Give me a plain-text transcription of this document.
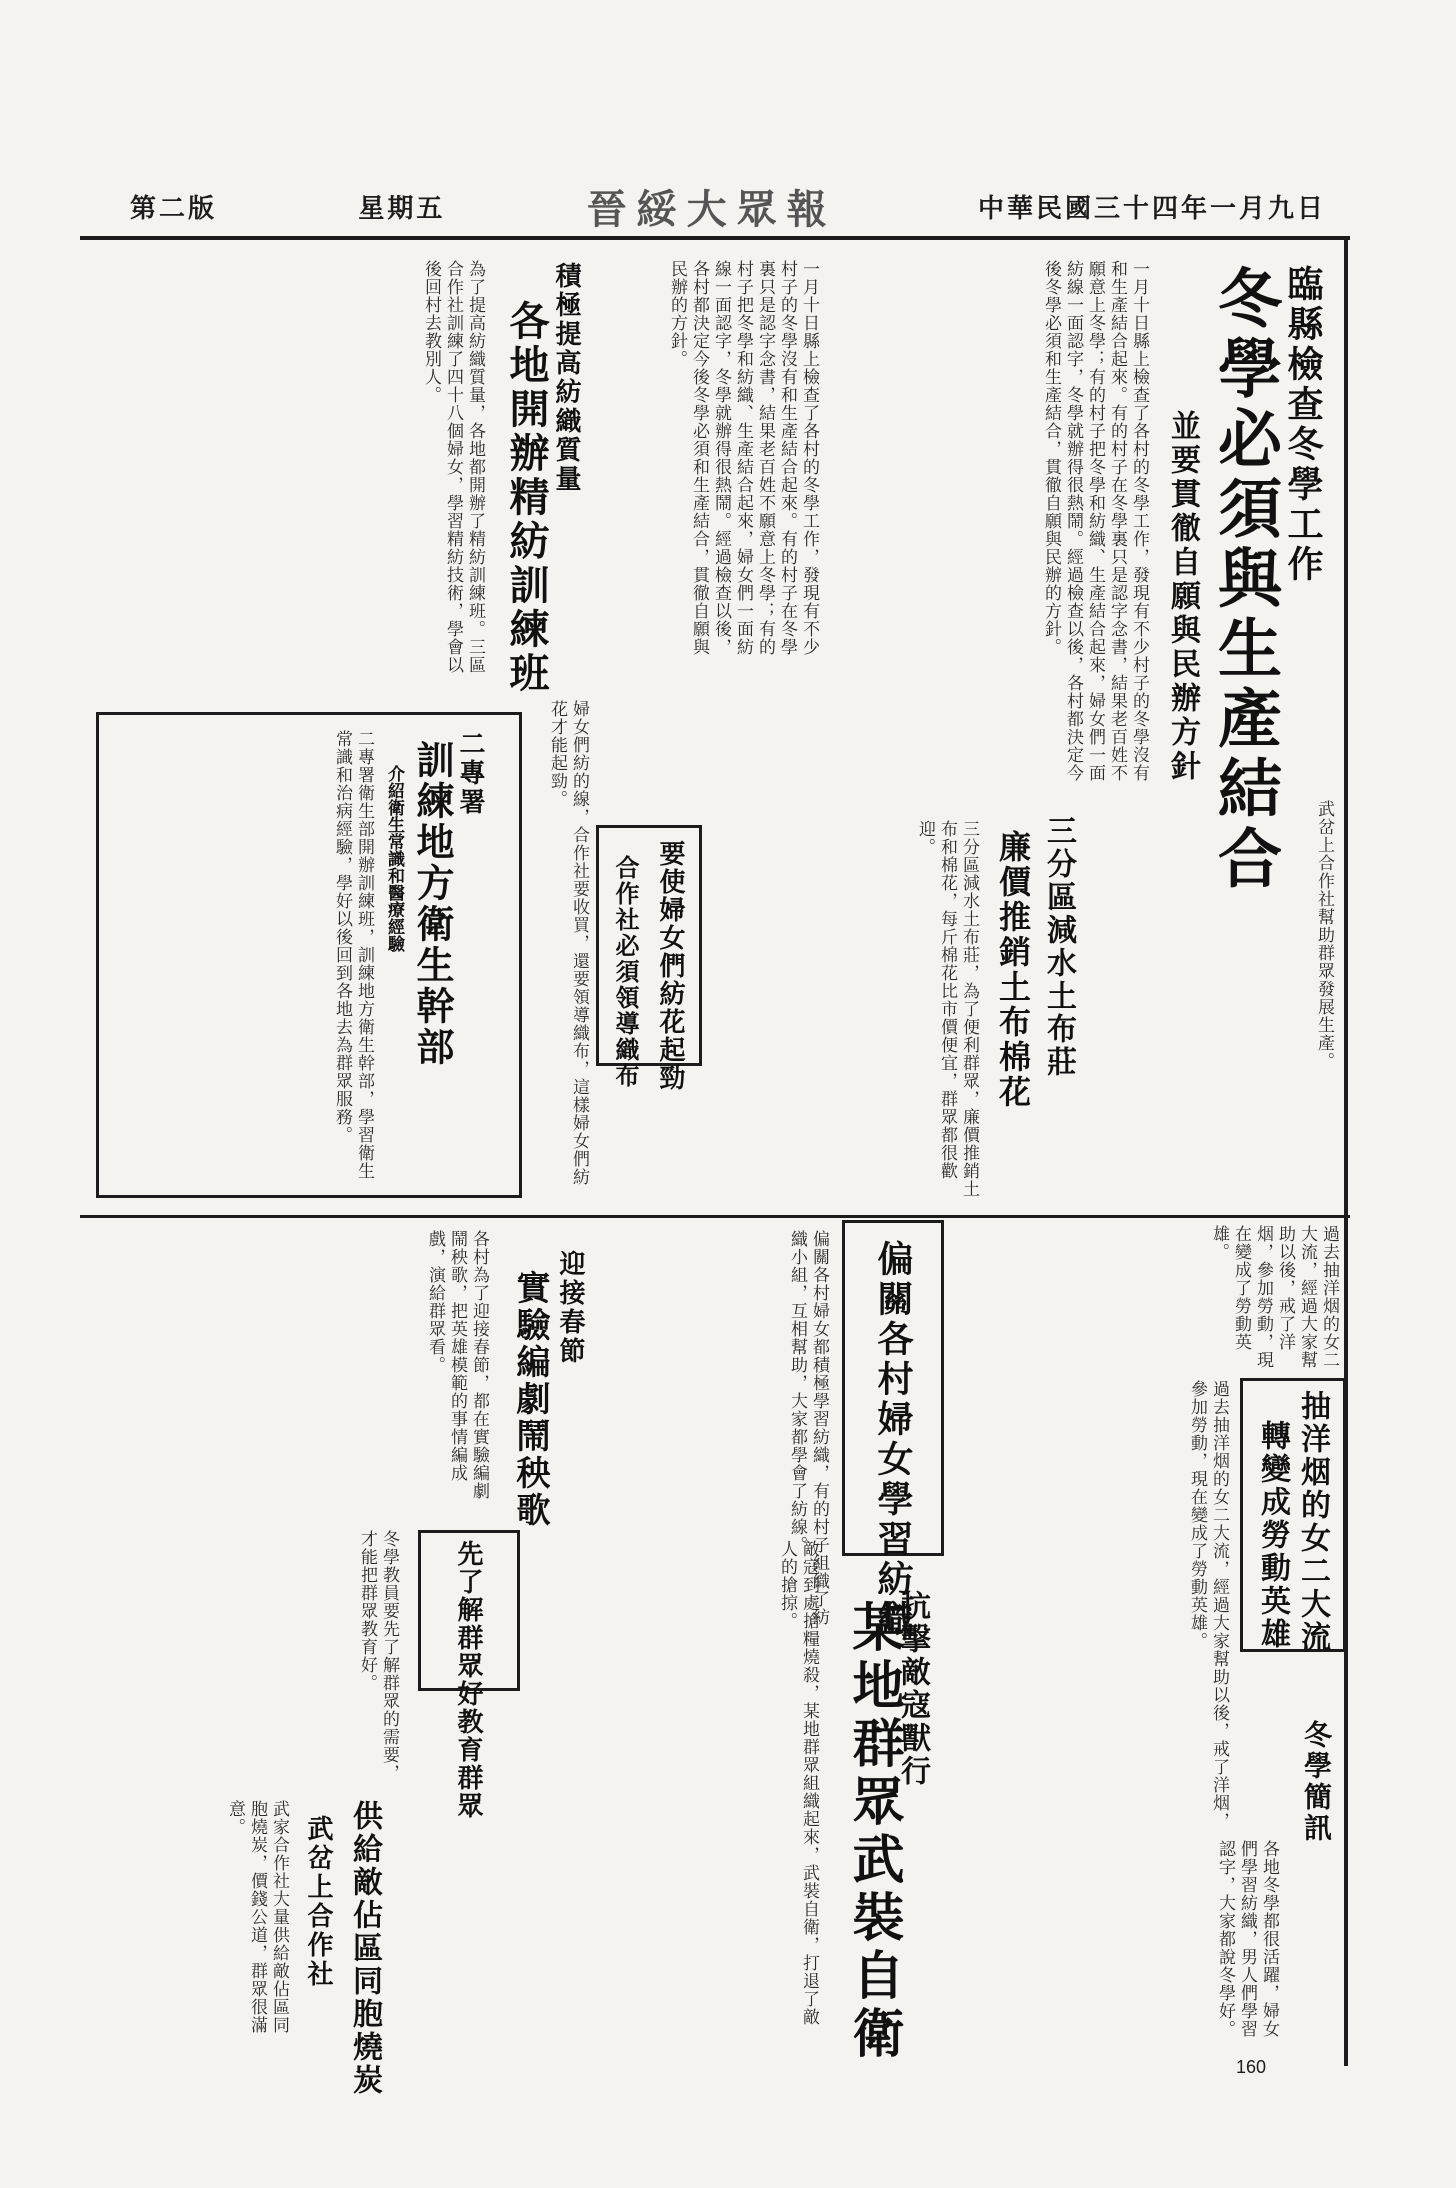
第二版	星期五	晉綏大眾報	中華民國三十四年一月九日
臨縣檢查冬學工作
冬學必須與生產結合
並要貫徹自願與民辦方針
一月十日縣上檢查了各村的冬學工作，發現有不少村子的冬學沒有和生產結合起來。有的村子在冬學裏只是認字念書，結果老百姓不願意上冬學；有的村子把冬學和紡織、生產結合起來，婦女們一面紡線一面認字，冬學就辦得很熱鬧。經過檢查以後，各村都決定今後冬學必須和生產結合，貫徹自願與民辦的方針。
積極提高紡織質量
各地開辦精紡訓練班
為了提高紡織質量，各地都開辦了精紡訓練班。三區合作社訓練了四十八個婦女，學習精紡技術，學會以後回村去教別人。	一月十日縣上檢查了各村的冬學工作，發現有不少村子的冬學沒有和生產結合起來。有的村子在冬學裏只是認字念書，結果老百姓不願意上冬學；有的村子把冬學和紡織、生產結合起來，婦女們一面紡線一面認字，冬學就辦得很熱鬧。經過檢查以後，各村都決定今後冬學必須和生產結合，貫徹自願與民辦的方針。
三分區減水土布莊
廉價推銷土布棉花
三分區減水土布莊，為了便利群眾，廉價推銷土布和棉花，每斤棉花比市價便宜，群眾都很歡迎。	武岔上合作社幫助群眾發展生產。
要使婦女們紡花起勁
合作社必須領導織布
婦女們紡的線，合作社要收買，還要領導織布，這樣婦女們紡花才能起勁。
二專署
訓練地方衛生幹部
介紹衛生常識和醫療經驗
二專署衛生部開辦訓練班，訓練地方衛生幹部，學習衛生常識和治病經驗，學好以後回到各地去為群眾服務。
偏關各村婦女學習紡織
偏關各村婦女都積極學習紡織，有的村子組織了紡織小組，互相幫助，大家都學會了紡線。
迎接春節
實驗編劇鬧秧歌
各村為了迎接春節，都在實驗編劇鬧秧歌，把英雄模範的事情編成戲，演給群眾看。
抽洋烟的女二大流
轉變成勞動英雄
過去抽洋烟的女二大流，經過大家幫助以後，戒了洋烟，參加勞動，現在變成了勞動英雄。
過去抽洋烟的女二大流，經過大家幫助以後，戒了洋烟，參加勞動，現在變成了勞動英雄。
抗擊敵寇獸行
某地群眾武裝自衛
敵寇到處搶糧燒殺，某地群眾組織起來，武裝自衛，打退了敵人的搶掠。
先了解群眾好教育群眾
冬學教員要先了解群眾的需要，才能把群眾教育好。
供給敵佔區同胞燒炭
武岔上合作社
武家合作社大量供給敵佔區同胞燒炭，價錢公道，群眾很滿意。	冬學簡訊
各地冬學都很活躍，婦女們學習紡織，男人們學習認字，大家都說冬學好。
160
